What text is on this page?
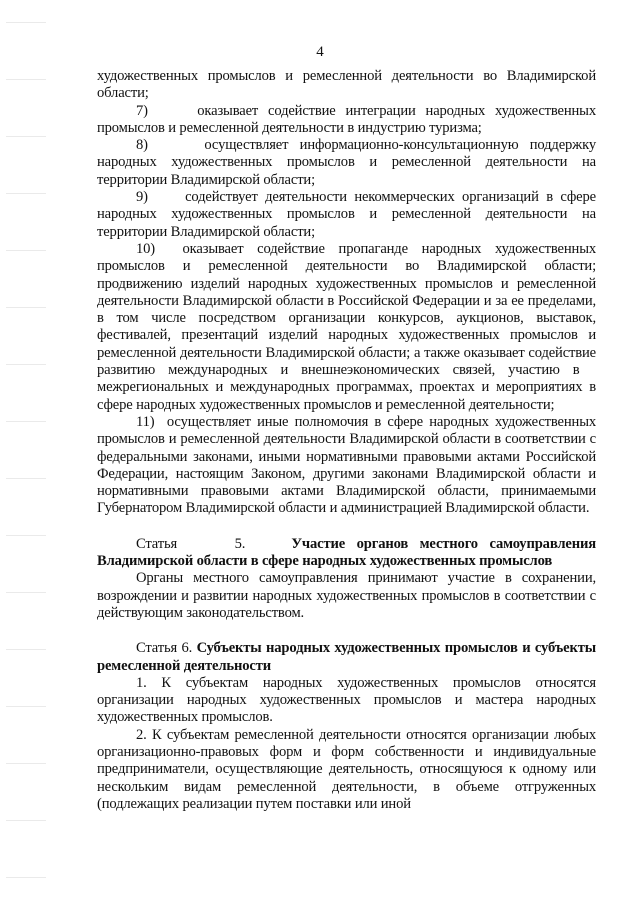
4

художественных промыслов и ремесленной деятельности во Владимирской области;

7)     оказывает содействие интеграции народных художественных промыслов и ремесленной деятельности в индустрию туризма;

8)     осуществляет информационно-консультационную поддержку народных художественных промыслов и ремесленной деятельности на территории Владимирской области;

9)     содействует деятельности некоммерческих организаций в сфере народных художественных промыслов и ремесленной деятельности на территории Владимирской области;

10)  оказывает содействие пропаганде народных художественных промыслов и ремесленной деятельности во Владимирской области; продвижению изделий народных художественных промыслов и ремесленной деятельности Владимирской области в Российской Федерации и за ее пределами, в том числе посредством организации конкурсов, аукционов, выставок, фестивалей, презентаций изделий народных художественных промыслов и ремесленной деятельности Владимирской области; а также оказывает содействие развитию международных и внешнеэкономических связей, участию в   межрегиональных и международных программах, проектах и мероприятиях в сфере народных художественных промыслов и ремесленной деятельности;

11)  осуществляет иные полномочия в сфере народных художественных промыслов и ремесленной деятельности Владимирской области в соответствии с федеральными законами, иными нормативными правовыми актами Российской Федерации, настоящим Законом, другими законами Владимирской области и нормативными правовыми актами Владимирской области, принимаемыми Губернатором Владимирской области и администрацией Владимирской области.

Статья     5.    Участие органов местного самоуправления Владимирской области в сфере народных художественных промыслов

Органы местного самоуправления принимают участие в сохранении, возрождении и развитии народных художественных промыслов в соответствии с действующим законодательством.

Статья 6. Субъекты народных художественных промыслов и субъекты ремесленной деятельности

1. К субъектам народных художественных промыслов относятся организации народных художественных промыслов и мастера народных художественных промыслов.

2. К субъектам ремесленной деятельности относятся организации любых организационно-правовых форм и форм собственности и индивидуальные предприниматели, осуществляющие деятельность, относящуюся к одному или нескольким видам ремесленной деятельности, в объеме отгруженных (подлежащих реализации путем поставки или иной
